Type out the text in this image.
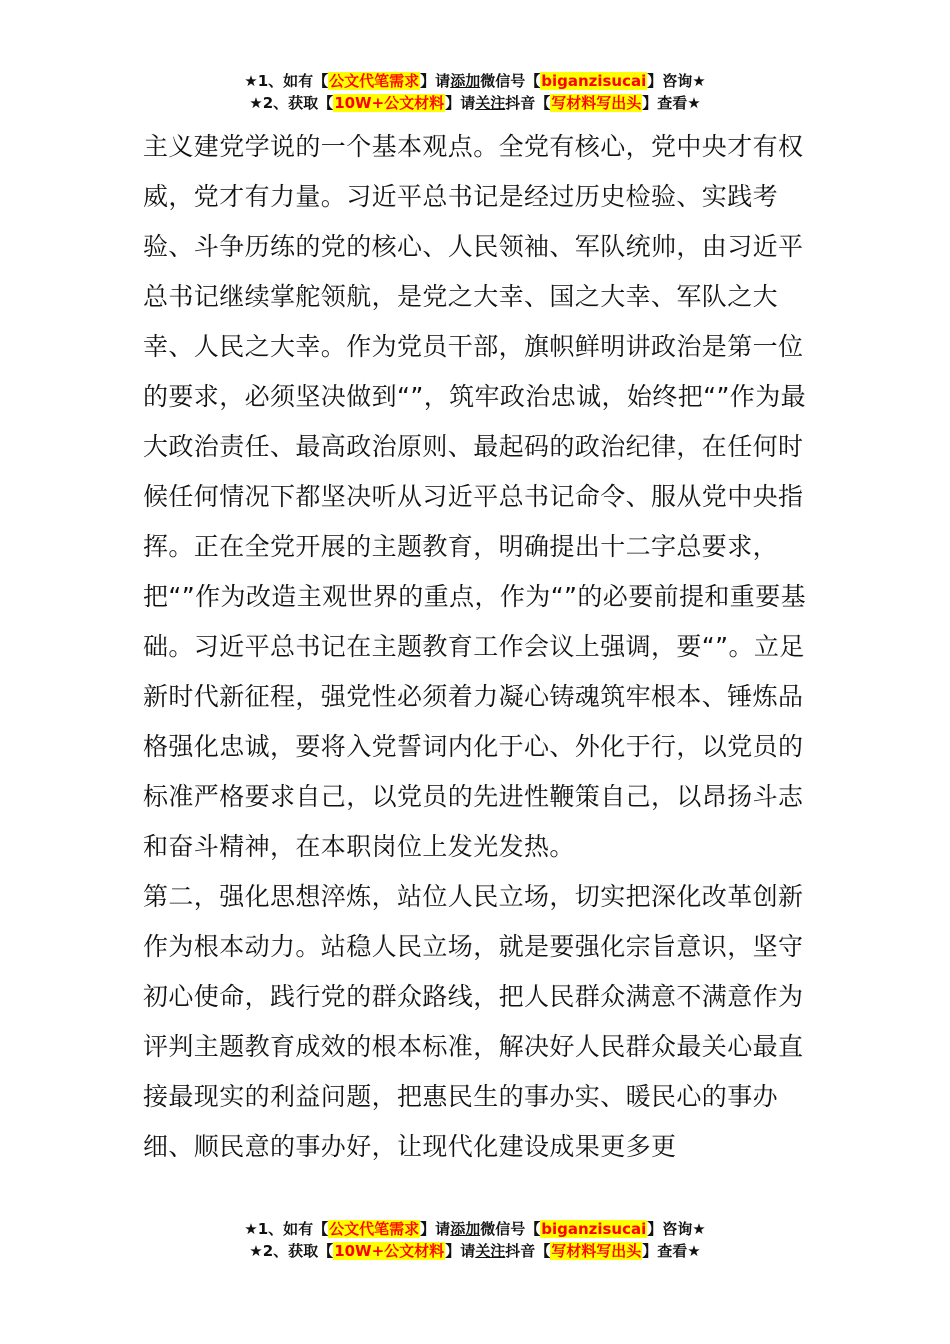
★1、如有【公文代笔需求】请添加微信号【biganzisucai】咨询★
★2、获取【10W+公文材料】请关注抖音【写材料写出头】查看★

主义建党学说的一个基本观点。全党有核心，党中央才有权威，党才有力量。习近平总书记是经过历史检验、实践考验、斗争历练的党的核心、人民领袖、军队统帅，由习近平总书记继续掌舵领航，是党之大幸、国之大幸、军队之大幸、人民之大幸。作为党员干部，旗帜鲜明讲政治是第一位的要求，必须坚决做到“”，筑牢政治忠诚，始终把“”作为最大政治责任、最高政治原则、最起码的政治纪律，在任何时候任何情况下都坚决听从习近平总书记命令、服从党中央指挥。正在全党开展的主题教育，明确提出十二字总要求，把“”作为改造主观世界的重点，作为“”的必要前提和重要基础。习近平总书记在主题教育工作会议上强调，要“”。立足新时代新征程，强党性必须着力凝心铸魂筑牢根本、锤炼品格强化忠诚，要将入党誓词内化于心、外化于行，以党员的标准严格要求自己，以党员的先进性鞭策自己，以昂扬斗志和奋斗精神，在本职岗位上发光发热。

第二，强化思想淬炼，站位人民立场，切实把深化改革创新作为根本动力。站稳人民立场，就是要强化宗旨意识，坚守初心使命，践行党的群众路线，把人民群众满意不满意作为评判主题教育成效的根本标准，解决好人民群众最关心最直接最现实的利益问题，把惠民生的事办实、暖民心的事办细、顺民意的事办好，让现代化建设成果更多更

★1、如有【公文代笔需求】请添加微信号【biganzisucai】咨询★
★2、获取【10W+公文材料】请关注抖音【写材料写出头】查看★
